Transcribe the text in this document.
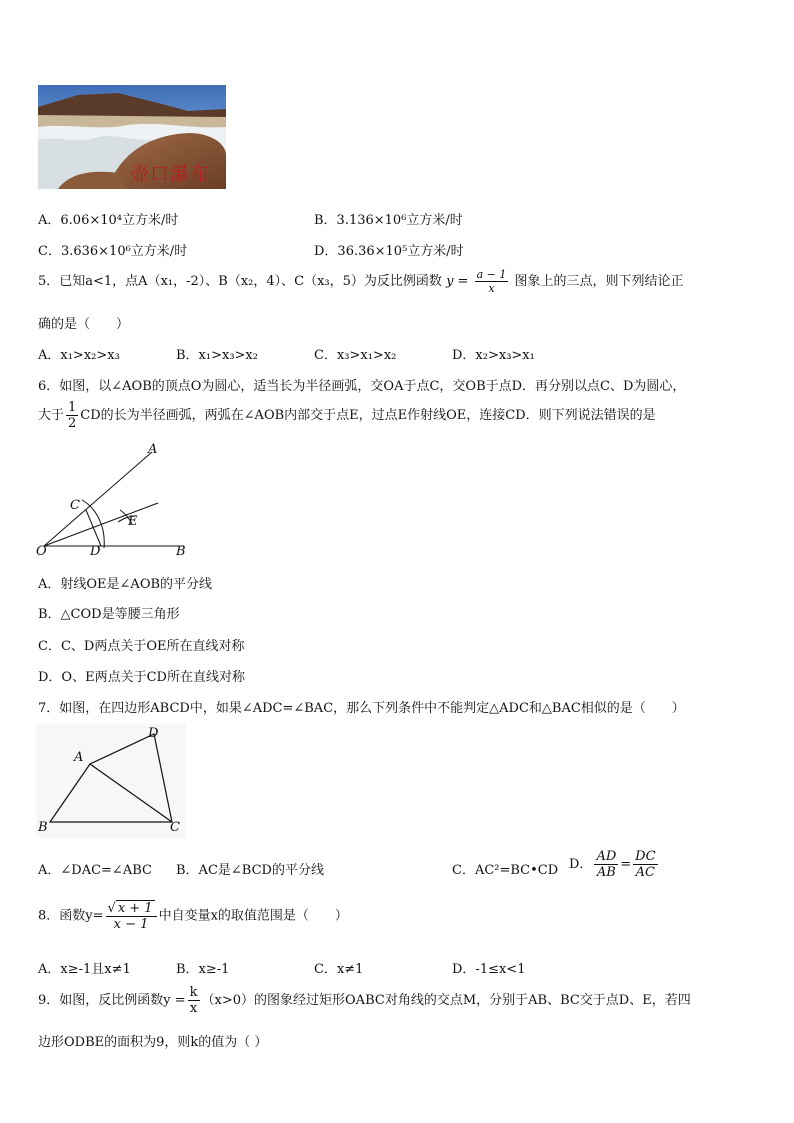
壶口瀑布
A．6.06×10⁴立方米/时	B．3.136×10⁶立方米/时
C．3.636×10⁶立方米/时	D．36.36×10⁵立方米/时
5．已知a<1，点A（x₁，-2）、B（x₂，4）、C（x₃，5）为反比例函数 $y = \frac{a - 1}{x}$ 图象上的三点，则下列结论正
确的是（　　）
A．x₁>x₂>x₃	B．x₁>x₃>x₂	C．x₃>x₁>x₂	D．x₂>x₃>x₁
6．如图，以∠AOB的顶点O为圆心，适当长为半径画弧，交OA于点C，交OB于点D．再分别以点C、D为圆心，
大于 $\frac{1}{2}$ CD的长为半径画弧，两弧在∠AOB内部交于点E，过点E作射线OE，连接CD．则下列说法错误的是
A
C
E
O	D	B
A．射线OE是∠AOB的平分线
B．△COD是等腰三角形
C．C、D两点关于OE所在直线对称
D．O、E两点关于CD所在直线对称
7．如图，在四边形ABCD中，如果∠ADC=∠BAC，那么下列条件中不能判定△ADC和△BAC相似的是（　　）
A
B	C
D
A．∠DAC=∠ABC B．AC是∠BCD的平分线	C．AC²=BC•CD D． $\frac{AD}{AB} = \frac{DC}{AC}$
8．函数$y= \frac{√ x + 1}{x - 1}$ 中自变量x的取值范围是（　　）
A．x≥-1且x≠1	B．x≥-1	C．x≠1	D．-1≤x<1
9．如图，反比例函数$y = \frac{k}{x} (x>0)$的图象经过矩形OABC对角线的交点M，分别于AB、BC交于点D、E，若四
边形ODBE的面积为9，则k的值为（ ）
